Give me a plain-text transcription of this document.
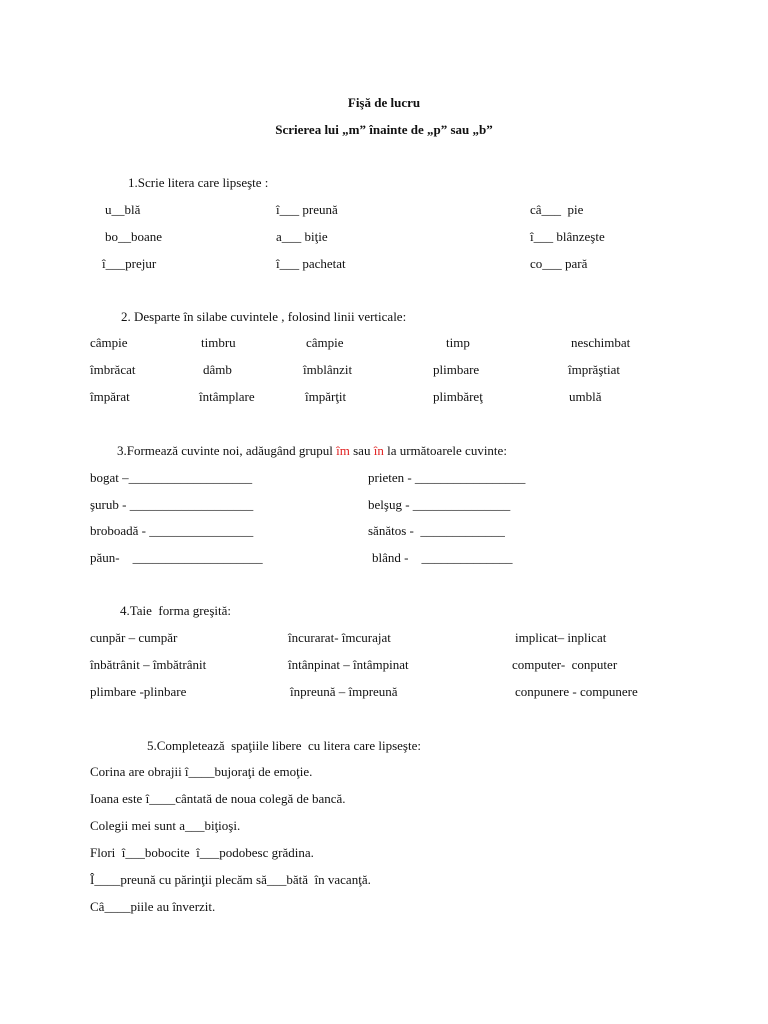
Fişă de lucru
Scrierea lui „m” înainte de „p” sau „b”
1.Scrie litera care lipseşte :
u__blă	î___ preună	câ___  pie
bo__boane	a___ biţie	î___ blânzeşte
î___prejur	î___ pachetat	co___ pară
2. Desparte în silabe cuvintele , folosind linii verticale:
câmpie	timbru	câmpie	timp	neschimbat
îmbrăcat	dâmb	îmblânzit	plimbare	împrăştiat
împărat	întâmplare	împărţit	plimbăreţ	umblă
3.Formează cuvinte noi, adăugând grupul îm sau în la următoarele cuvinte:
bogat –___________________	prieten - _________________
şurub - ___________________	belşug - _______________
broboadă - ________________	sănătos -  _____________
păun-    ____________________	blând -    ______________
4.Taie  forma greşită:
cunpăr – cumpăr	încurarat- îmcurajat	implicat– inplicat
înbătrânit – îmbătrânit	întânpinat – întâmpinat	computer-  conputer
plimbare -plinbare	înpreună – împreună	conpunere - compunere
5.Completează  spaţiile libere  cu litera care lipseşte:
Corina are obrajii î____bujoraţi de emoţie.
Ioana este î____cântată de noua colegă de bancă.
Colegii mei sunt a___biţioşi.
Flori  î___bobocite  î___podobesc grădina.
Î____preună cu părinţii plecăm să___bătă  în vacanţă.
Câ____piile au înverzit.
